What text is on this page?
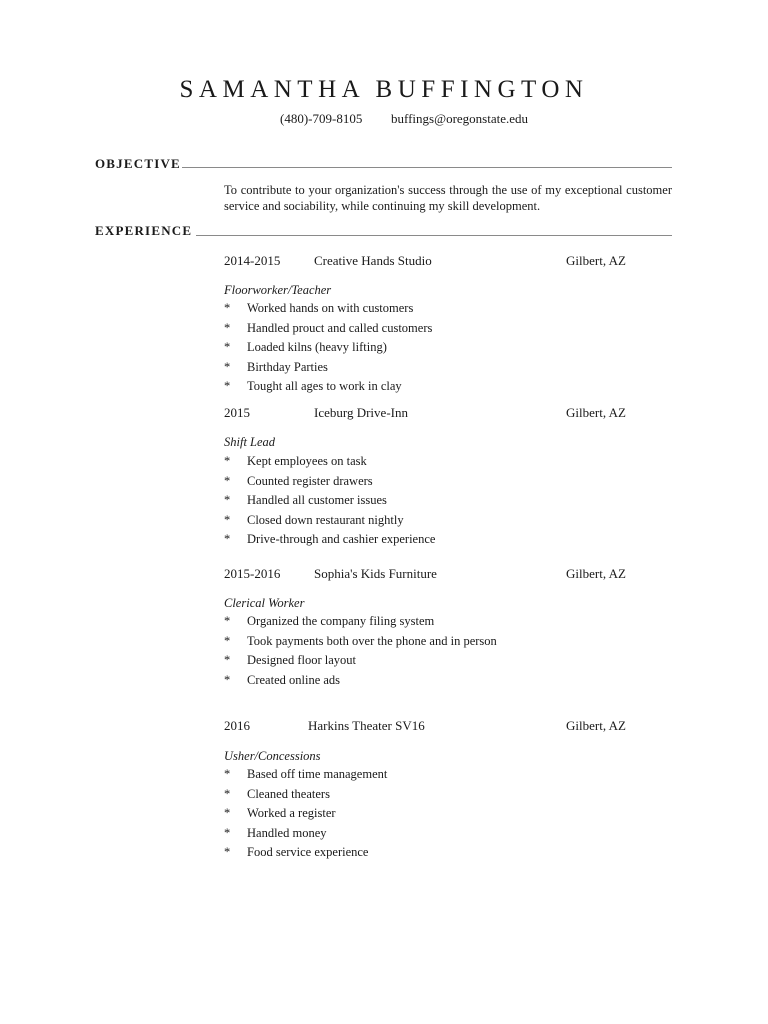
SAMANTHA BUFFINGTON
(480)-709-8105 buffings@oregonstate.edu
OBJECTIVE
To contribute to your organization's success through the use of my exceptional customer service and sociability, while continuing my skill development.
EXPERIENCE
2014-2015	Creative Hands Studio	Gilbert, AZ
Floorworker/Teacher
* Worked hands on with customers
* Handled prouct and called customers
* Loaded kilns (heavy lifting)
* Birthday Parties
* Tought all ages to work in clay
2015	Iceburg Drive-Inn	Gilbert, AZ
Shift Lead
* Kept employees on task
* Counted register drawers
* Handled all customer issues
* Closed down restaurant nightly
* Drive-through and cashier experience
2015-2016	Sophia's Kids Furniture	Gilbert, AZ
Clerical Worker
* Organized the company filing system
* Took payments both over the phone and in person
* Designed floor layout
* Created online ads
2016	Harkins Theater SV16	Gilbert, AZ
Usher/Concessions
* Based off time management
* Cleaned theaters
* Worked a register
* Handled money
* Food service experience
